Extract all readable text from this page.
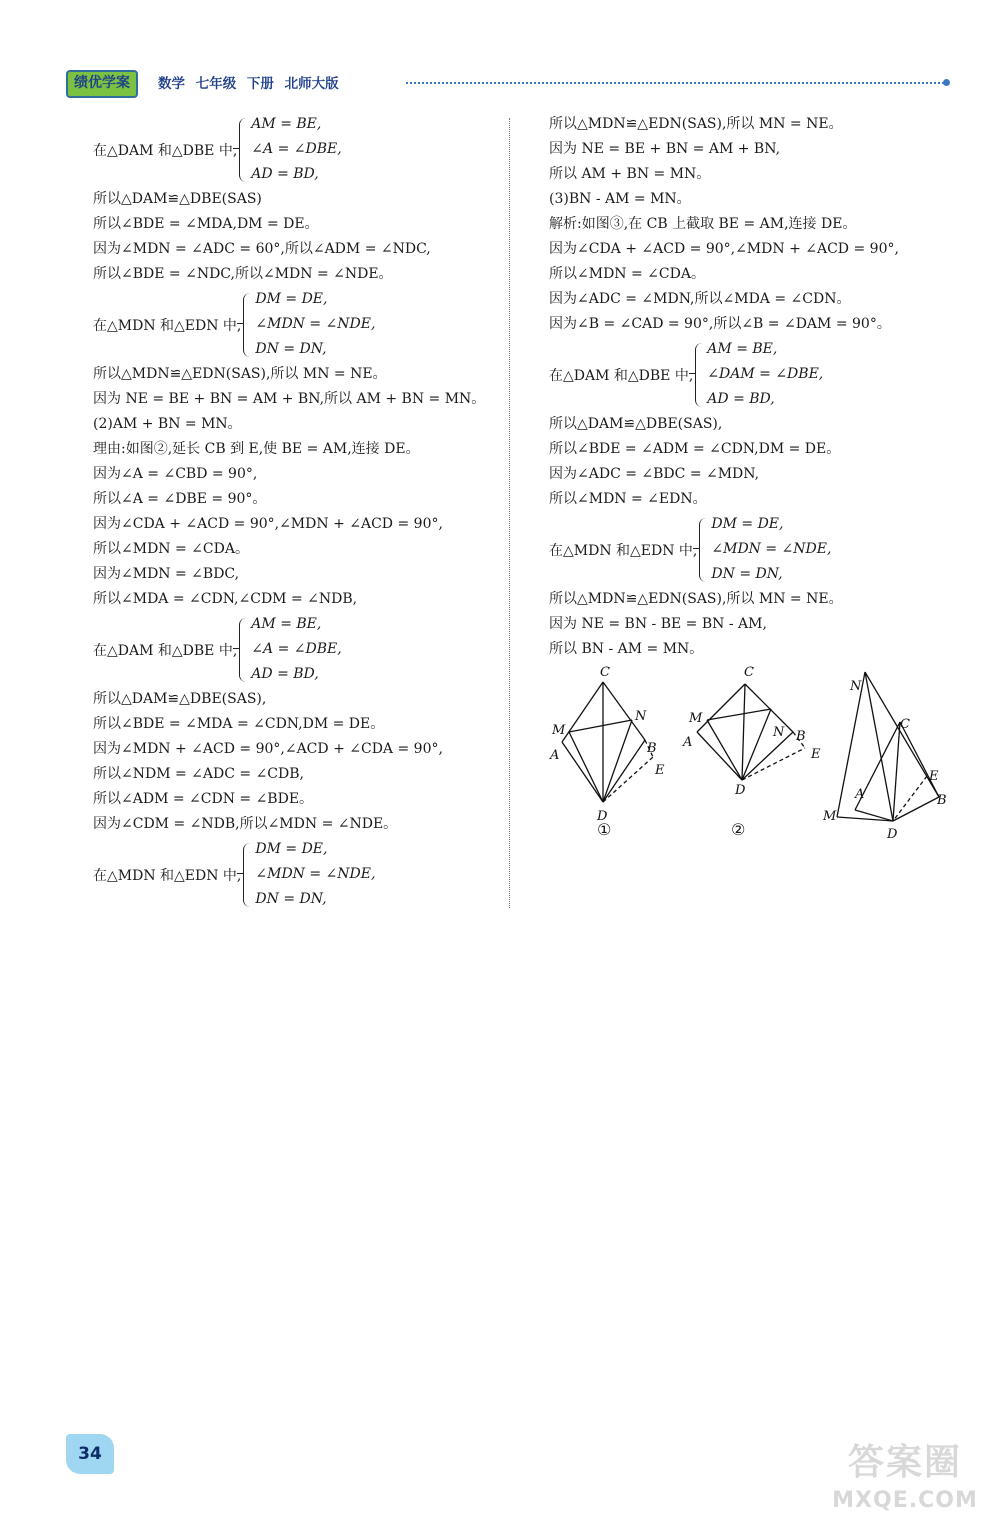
绩优学案	数学 七年级 下册 北师大版
在△DAM 和△DBE 中,
AM = BE,
∠A = ∠DBE,
AD = BD,
所以△DAM≌△DBE(SAS)
所以∠BDE = ∠MDA,DM = DE。
因为∠MDN = ∠ADC = 60°,所以∠ADM = ∠NDC,
所以∠BDE = ∠NDC,所以∠MDN = ∠NDE。
在△MDN 和△EDN 中,
DM = DE,
∠MDN = ∠NDE,
DN = DN,
所以△MDN≌△EDN(SAS),所以 MN = NE。
因为 NE = BE + BN = AM + BN,所以 AM + BN = MN。
(2)AM + BN = MN。
理由:如图②,延长 CB 到 E,使 BE = AM,连接 DE。
因为∠A = ∠CBD = 90°,
所以∠A = ∠DBE = 90°。
因为∠CDA + ∠ACD = 90°,∠MDN + ∠ACD = 90°,
所以∠MDN = ∠CDA。
因为∠MDN = ∠BDC,
所以∠MDA = ∠CDN,∠CDM = ∠NDB,
在△DAM 和△DBE 中,
AM = BE,
∠A = ∠DBE,
AD = BD,
所以△DAM≌△DBE(SAS),
所以∠BDE = ∠MDA = ∠CDN,DM = DE。
因为∠MDN + ∠ACD = 90°,∠ACD + ∠CDA = 90°,
所以∠NDM = ∠ADC = ∠CDB,
所以∠ADM = ∠CDN = ∠BDE。
因为∠CDM = ∠NDB,所以∠MDN = ∠NDE。
在△MDN 和△EDN 中,
DM = DE,
∠MDN = ∠NDE,
DN = DN,
所以△MDN≌△EDN(SAS),所以 MN = NE。
因为 NE = BE + BN = AM + BN,
所以 AM + BN = MN。
(3)BN - AM = MN。
解析:如图③,在 CB 上截取 BE = AM,连接 DE。
因为∠CDA + ∠ACD = 90°,∠MDN + ∠ACD = 90°,
所以∠MDN = ∠CDA。
因为∠ADC = ∠MDN,所以∠MDA = ∠CDN。
因为∠B = ∠CAD = 90°,所以∠B = ∠DAM = 90°。
在△DAM 和△DBE 中,
AM = BE,
∠DAM = ∠DBE,
AD = BD,
所以△DAM≌△DBE(SAS),
所以∠BDE = ∠ADM = ∠CDN,DM = DE。
因为∠ADC = ∠BDC = ∠MDN,
所以∠MDN = ∠EDN。
在△MDN 和△EDN 中,
DM = DE,
∠MDN = ∠NDE,
DN = DN,
所以△MDN≌△EDN(SAS),所以 MN = NE。
因为 NE = BN - BE = BN - AM,
所以 BN - AM = MN。
C
M
N
A	B
D
E
C
M
N
A	B
D
E
N
C
E
A	B
M
D
①	②
34	答案圈
MXQE.COM
